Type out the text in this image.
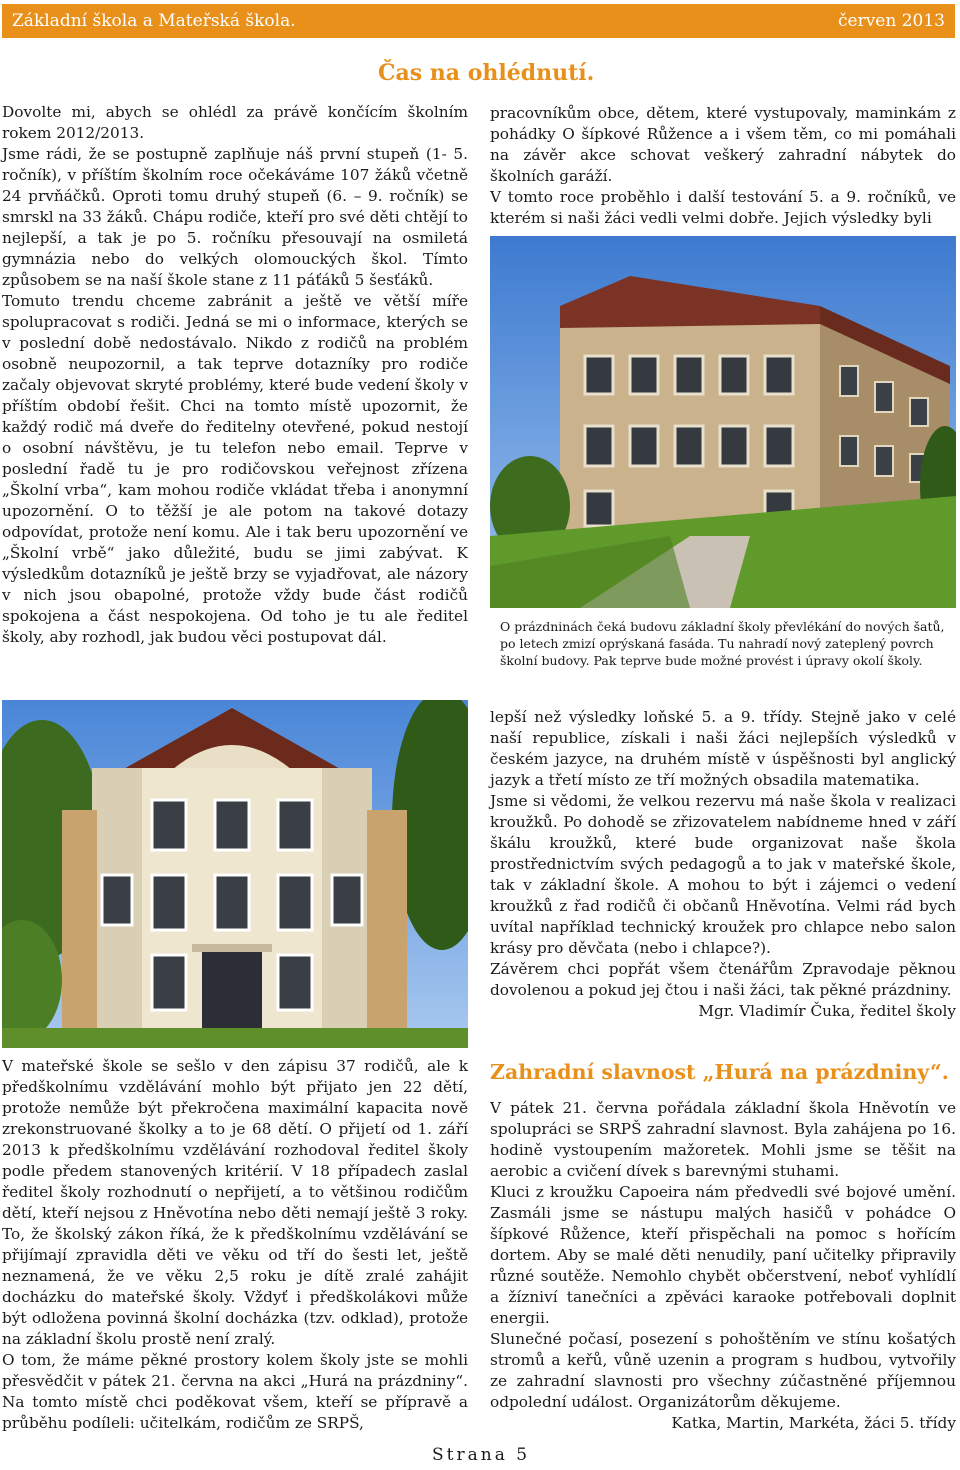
Základní škola a Mateřská škola.	červen 2013
Čas na ohlédnutí.

Dovolte mi, abych se ohlédl za právě končícím školním rokem 2012/2013.

Jsme rádi, že se postupně zaplňuje náš první stupeň (1- 5. ročník), v příštím školním roce očekáváme 107 žáků včetně 24 prvňáčků. Oproti tomu druhý stupeň (6. – 9. ročník) se smrskl na 33 žáků. Chápu rodiče, kteří pro své děti chtějí to nejlepší, a tak je po 5. ročníku přesouvají na osmiletá gymnázia nebo do velkých olomouckých škol. Tímto způsobem se na naší škole stane z 11 páťáků 5 šesťáků.

Tomuto trendu chceme zabránit a ještě ve větší míře spolupracovat s rodiči. Jedná se mi o informace, kterých se v poslední době nedostávalo. Nikdo z rodičů na problém osobně neupozornil, a tak teprve dotazníky pro rodiče začaly objevovat skryté problémy, které bude vedení školy v příštím období řešit. Chci na tomto místě upozornit, že každý rodič má dveře do ředitelny otevřené, pokud nestojí o osobní návštěvu, je tu telefon nebo email. Teprve v poslední řadě tu je pro rodičovskou veřejnost zřízena „Školní vrba“, kam mohou rodiče vkládat třeba i anonymní upozornění. O to těžší je ale potom na takové dotazy odpovídat, protože není komu. Ale i tak beru upozornění ve „Školní vrbě“ jako důležité, budu se jimi zabývat. K výsledkům dotazníků je ještě brzy se vyjadřovat, ale názory v nich jsou obapolné, protože vždy bude část rodičů spokojena a část nespokojena. Od toho je tu ale ředitel školy, aby rozhodl, jak budou věci postupovat dál.

V mateřské škole se sešlo v den zápisu 37 rodičů, ale k předškolnímu vzdělávání mohlo být přijato jen 22 dětí, protože nemůže být překročena maximální kapacita nově zrekonstruované školky a to je 68 dětí. O přijetí od 1. září 2013 k předškolnímu vzdělávání rozhodoval ředitel školy podle předem stanovených kritérií. V 18 případech zaslal ředitel školy rozhodnutí o nepřijetí, a to většinou rodičům dětí, kteří nejsou z Hněvotína nebo děti nemají ještě 3 roky. To, že školský zákon říká, že k předškolnímu vzdělávání se přijímají zpravidla děti ve věku od tří do šesti let, ještě neznamená, že ve věku 2,5 roku je dítě zralé zahájit docházku do mateřské školy. Vždyť i předškolákovi může být odložena povinná školní docházka (tzv. odklad), protože na základní školu prostě není zralý.

O tom, že máme pěkné prostory kolem školy jste se mohli přesvědčit v pátek 21. června na akci „Hurá na prázdniny“. Na tomto místě chci poděkovat všem, kteří se přípravě a průběhu podíleli: učitelkám, rodičům ze SRPŠ,

pracovníkům obce, dětem, které vystupovaly, maminkám z pohádky O šípkové Růžence a i všem těm, co mi pomáhali na závěr akce schovat veškerý zahradní nábytek do školních garáží.

V tomto roce proběhlo i další testování 5. a 9. ročníků, ve kterém si naši žáci vedli velmi dobře. Jejich výsledky byli

O prázdninách čeká budovu základní školy převlékání do nových šatů, po letech zmizí oprýskaná fasáda. Tu nahradí nový zateplený povrch školní budovy. Pak teprve bude možné provést i úpravy okolí školy.

lepší než výsledky loňské 5. a 9. třídy. Stejně jako v celé naší republice, získali i naši žáci nejlepších výsledků v českém jazyce, na druhém místě v úspěšnosti byl anglický jazyk a třetí místo ze tří možných obsadila matematika.

Jsme si vědomi, že velkou rezervu má naše škola v realizaci kroužků. Po dohodě se zřizovatelem nabídneme hned v září škálu kroužků, které bude organizovat naše škola prostřednictvím svých pedagogů a to jak v mateřské škole, tak v základní škole. A mohou to být i zájemci o vedení kroužků z řad rodičů či občanů Hněvotína. Velmi rád bych uvítal například technický kroužek pro chlapce nebo salon krásy pro děvčata (nebo i chlapce?).

Závěrem chci popřát všem čtenářům Zpravodaje pěknou dovolenou a pokud jej čtou i naši žáci, tak pěkné prázdniny.

Mgr. Vladimír Čuka, ředitel školy

Zahradní slavnost „Hurá na prázdniny“.

V pátek 21. června pořádala základní škola Hněvotín ve spolupráci se SRPŠ zahradní slavnost. Byla zahájena po 16. hodině vystoupením mažoretek. Mohli jsme se těšit na aerobic a cvičení dívek s barevnými stuhami.

Kluci z kroužku Capoeira nám předvedli své bojové umění. Zasmáli jsme se nástupu malých hasičů v pohádce O šípkové Růžence, kteří přispěchali na pomoc s hořícím dortem. Aby se malé děti nenudily, paní učitelky připravily různé soutěže. Nemohlo chybět občerstvení, neboť vyhlídlí a žízniví tanečníci a zpěváci karaoke potřebovali doplnit energii.

Slunečné počasí, posezení s pohoštěním ve stínu košatých stromů a keřů, vůně uzenin a program s hudbou, vytvořily ze zahradní slavnosti pro všechny zúčastněné příjemnou odpolední událost. Organizátorům děkujeme.

Katka, Martin, Markéta, žáci 5. třídy

Strana 5
